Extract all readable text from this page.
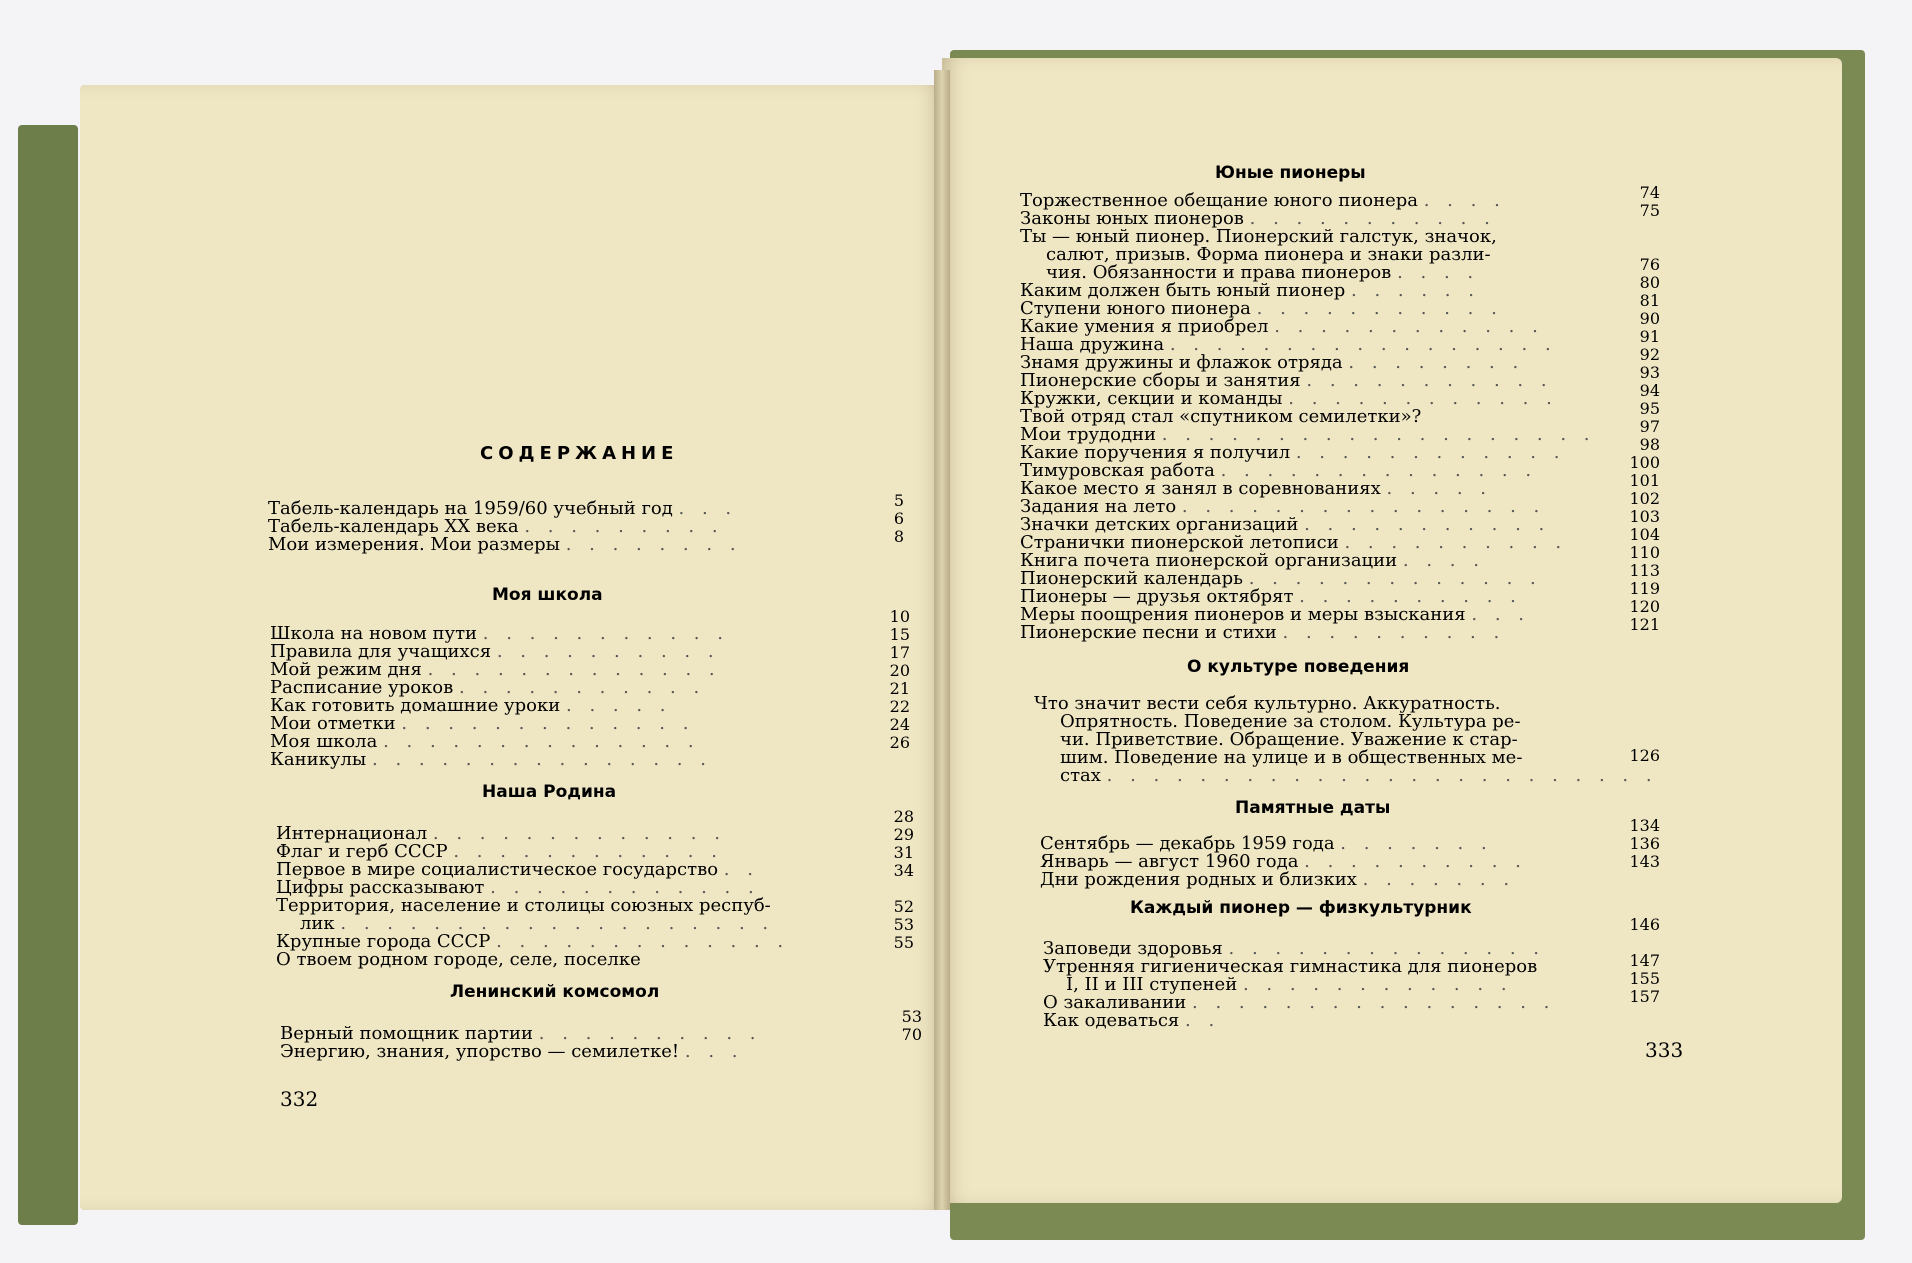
СОДЕРЖАНИЕ
Табель-календарь на 1959/60 учебный год . . .
Табель-календарь XX века . . . . . . . . .
Мои измерения. Мои размеры . . . . . . . .
5
6
8
Моя школа
Школа на новом пути . . . . . . . . . . .
Правила для учащихся . . . . . . . . . .
Мой режим дня . . . . . . . . . . . . .
Расписание уроков . . . . . . . . . . .
Как готовить домашние уроки . . . . .
Мои отметки . . . . . . . . . . . . .
Моя школа . . . . . . . . . . . . . .
Каникулы . . . . . . . . . . . . . . .
10
15
17
20
21
22
24
26
Наша Родина
Интернационал . . . . . . . . . . . . .
Флаг и герб СССР . . . . . . . . . . . .
Первое в мире социалистическое государство . .
Цифры рассказывают . . . . . . . . . . . .
Территория, население и столицы союзных респуб-
лик . . . . . . . . . . . . . . . . . . .
Крупные города СССР . . . . . . . . . . . . .
О твоем родном городе, селе, поселке
28
29
31
34
52
53
55
Ленинский комсомол
Верный помощник партии . . . . . . . . . .
Энергию, знания, упорство — семилетке! . . .
53
70
332
Юные пионеры
Торжественное обещание юного пионера . . . .
Законы юных пионеров . . . . . . . . . . .
Ты — юный пионер. Пионерский галстук, значок,
салют, призыв. Форма пионера и знаки разли-
чия. Обязанности и права пионеров . . . .
Каким должен быть юный пионер . . . . . .
Ступени юного пионера . . . . . . . . . . .
Какие умения я приобрел . . . . . . . . . . . .
Наша дружина . . . . . . . . . . . . . . . . .
Знамя дружины и флажок отряда . . . . . . . .
Пионерские сборы и занятия . . . . . . . . . . .
Кружки, секции и команды . . . . . . . . . . . .
Твой отряд стал «спутником семилетки»?
Мои трудодни . . . . . . . . . . . . . . . . . . .
Какие поручения я получил . . . . . . . . . . . .
Тимуровская работа . . . . . . . . . . . . . .
Какое место я занял в соревнованиях . . . . .
Задания на лето . . . . . . . . . . . . . . . .
Значки детских организаций . . . . . . . . . . .
Странички пионерской летописи . . . . . . . . . .
Книга почета пионерской организации . . . .
Пионерский календарь . . . . . . . . . . . . .
Пионеры — друзья октябрят . . . . . . . . . .
Меры поощрения пионеров и меры взыскания . . .
Пионерские песни и стихи . . . . . . . . . .
74
75
76
80
81
90
91
92
93
94
95
97
98
100
101
102
103
104
110
113
119
120
121
О культуре поведения
Что значит вести себя культурно. Аккуратность.
Опрятность. Поведение за столом. Культура ре-
чи. Приветствие. Обращение. Уважение к стар-
шим. Поведение на улице и в общественных ме-
стах . . . . . . . . . . . . . . . . . . . . . . . .
126
Памятные даты
Сентябрь — декабрь 1959 года . . . . . . .
Январь — август 1960 года . . . . . . . . . .
Дни рождения родных и близких . . . . . . .
134
136
143
Каждый пионер — физкультурник
Заповеди здоровья . . . . . . . . . . . . . .
Утренняя гигиеническая гимнастика для пионеров
I, II и III ступеней . . . . . . . . . . . .
О закаливании . . . . . . . . . . . . . . . .
Как одеваться . .
146
147
155
157
333
